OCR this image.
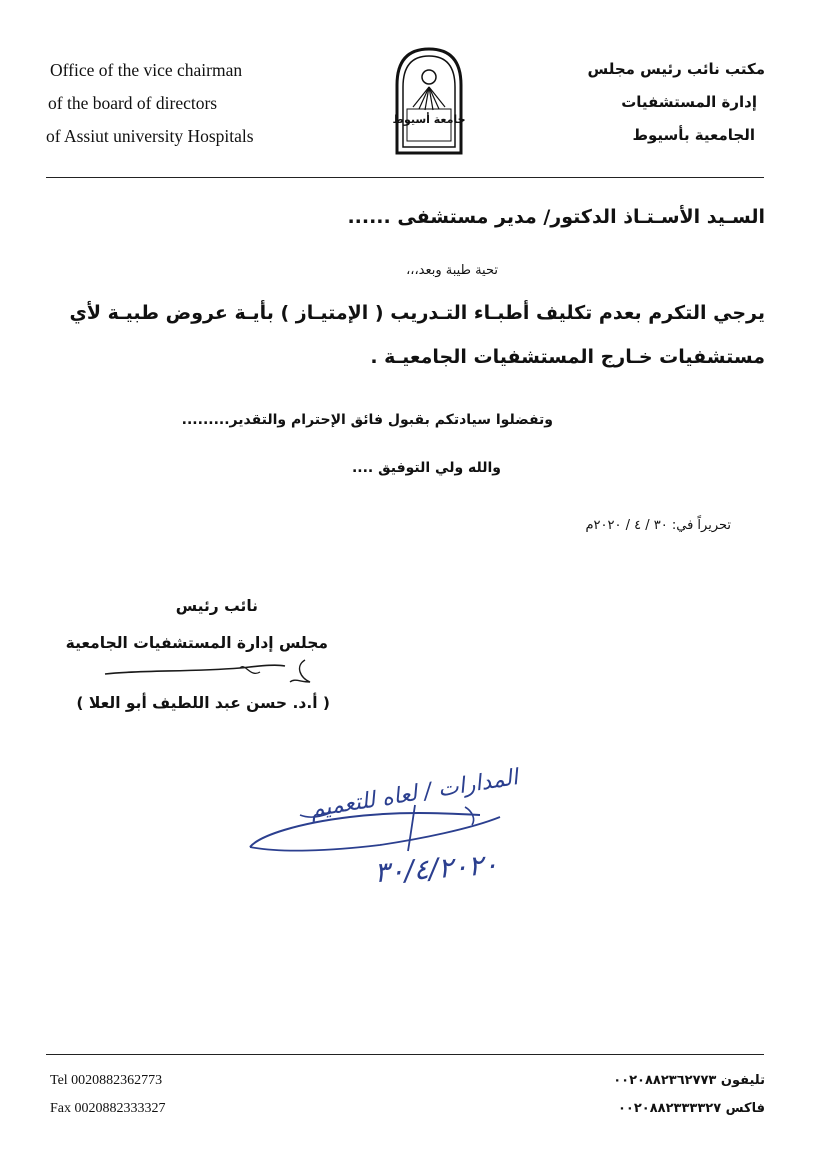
Office of the vice chairman
of the board of directors
of Assiut university Hospitals
جامعة أسيوط
مكتب نائب رئيس مجلس
إدارة المستشفيات
الجامعية بأسيوط
السـيد الأسـتـاذ الدكتور/ مدير مستشفى ......
تحية طيبة وبعد،،،
يرجي التكرم بعدم تكليف أطبـاء التـدريب ( الإمتيـاز ) بأيـة عروض طبيـة لأي
مستشفيات خـارج المستشفيات الجامعيـة .
وتفضلوا سيادتكم بقبول فائق الإحترام والتقدير.........
والله ولي التوفيق ....
تحريراً في: ٣٠ / ٤ / ٢٠٢٠م
نائب رئيس
مجلس إدارة المستشفيات الجامعية
( أ.د. حسن عبد اللطيف أبو العلا )
المدارات / لعاه للتعميم
٣٠/٤/٢٠٢٠
Tel 0020882362773
Fax 0020882333327
تليفون ٠٠٢٠٨٨٢٣٦٢٧٧٣
فاكس ٠٠٢٠٨٨٢٣٣٣٣٢٧
